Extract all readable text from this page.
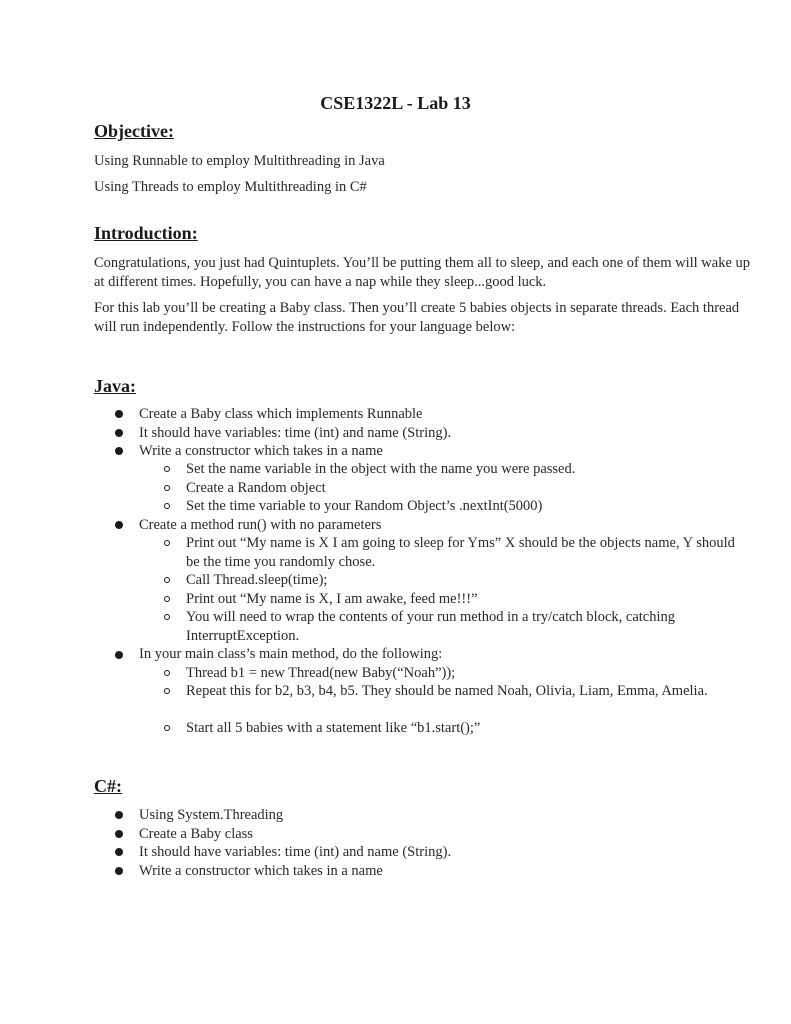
CSE1322L - Lab 13
Objective:
Using Runnable to employ Multithreading in Java
Using Threads to employ Multithreading in C#
Introduction:
Congratulations, you just had Quintuplets. You’ll be putting them all to sleep, and each one of them will wake up at different times. Hopefully, you can have a nap while they sleep...good luck.
For this lab you’ll be creating a Baby class. Then you’ll create 5 babies objects in separate threads. Each thread will run independently. Follow the instructions for your language below:
Java:
Create a Baby class which implements Runnable
It should have variables: time (int) and name (String).
Write a constructor which takes in a name
Set the name variable in the object with the name you were passed.
Create a Random object
Set the time variable to your Random Object’s .nextInt(5000)
Create a method run() with no parameters
Print out “My name is X I am going to sleep for Yms” X should be the objects name, Y should be the time you randomly chose.
Call Thread.sleep(time);
Print out “My name is X, I am awake, feed me!!!”
You will need to wrap the contents of your run method in a try/catch block, catching InterruptException.
In your main class’s main method, do the following:
Thread b1 = new Thread(new Baby(“Noah”));
Repeat this for b2, b3, b4, b5. They should be named Noah, Olivia, Liam, Emma, Amelia.
Start all 5 babies with a statement like “b1.start();”
C#:
Using System.Threading
Create a Baby class
It should have variables: time (int) and name (String).
Write a constructor which takes in a name
